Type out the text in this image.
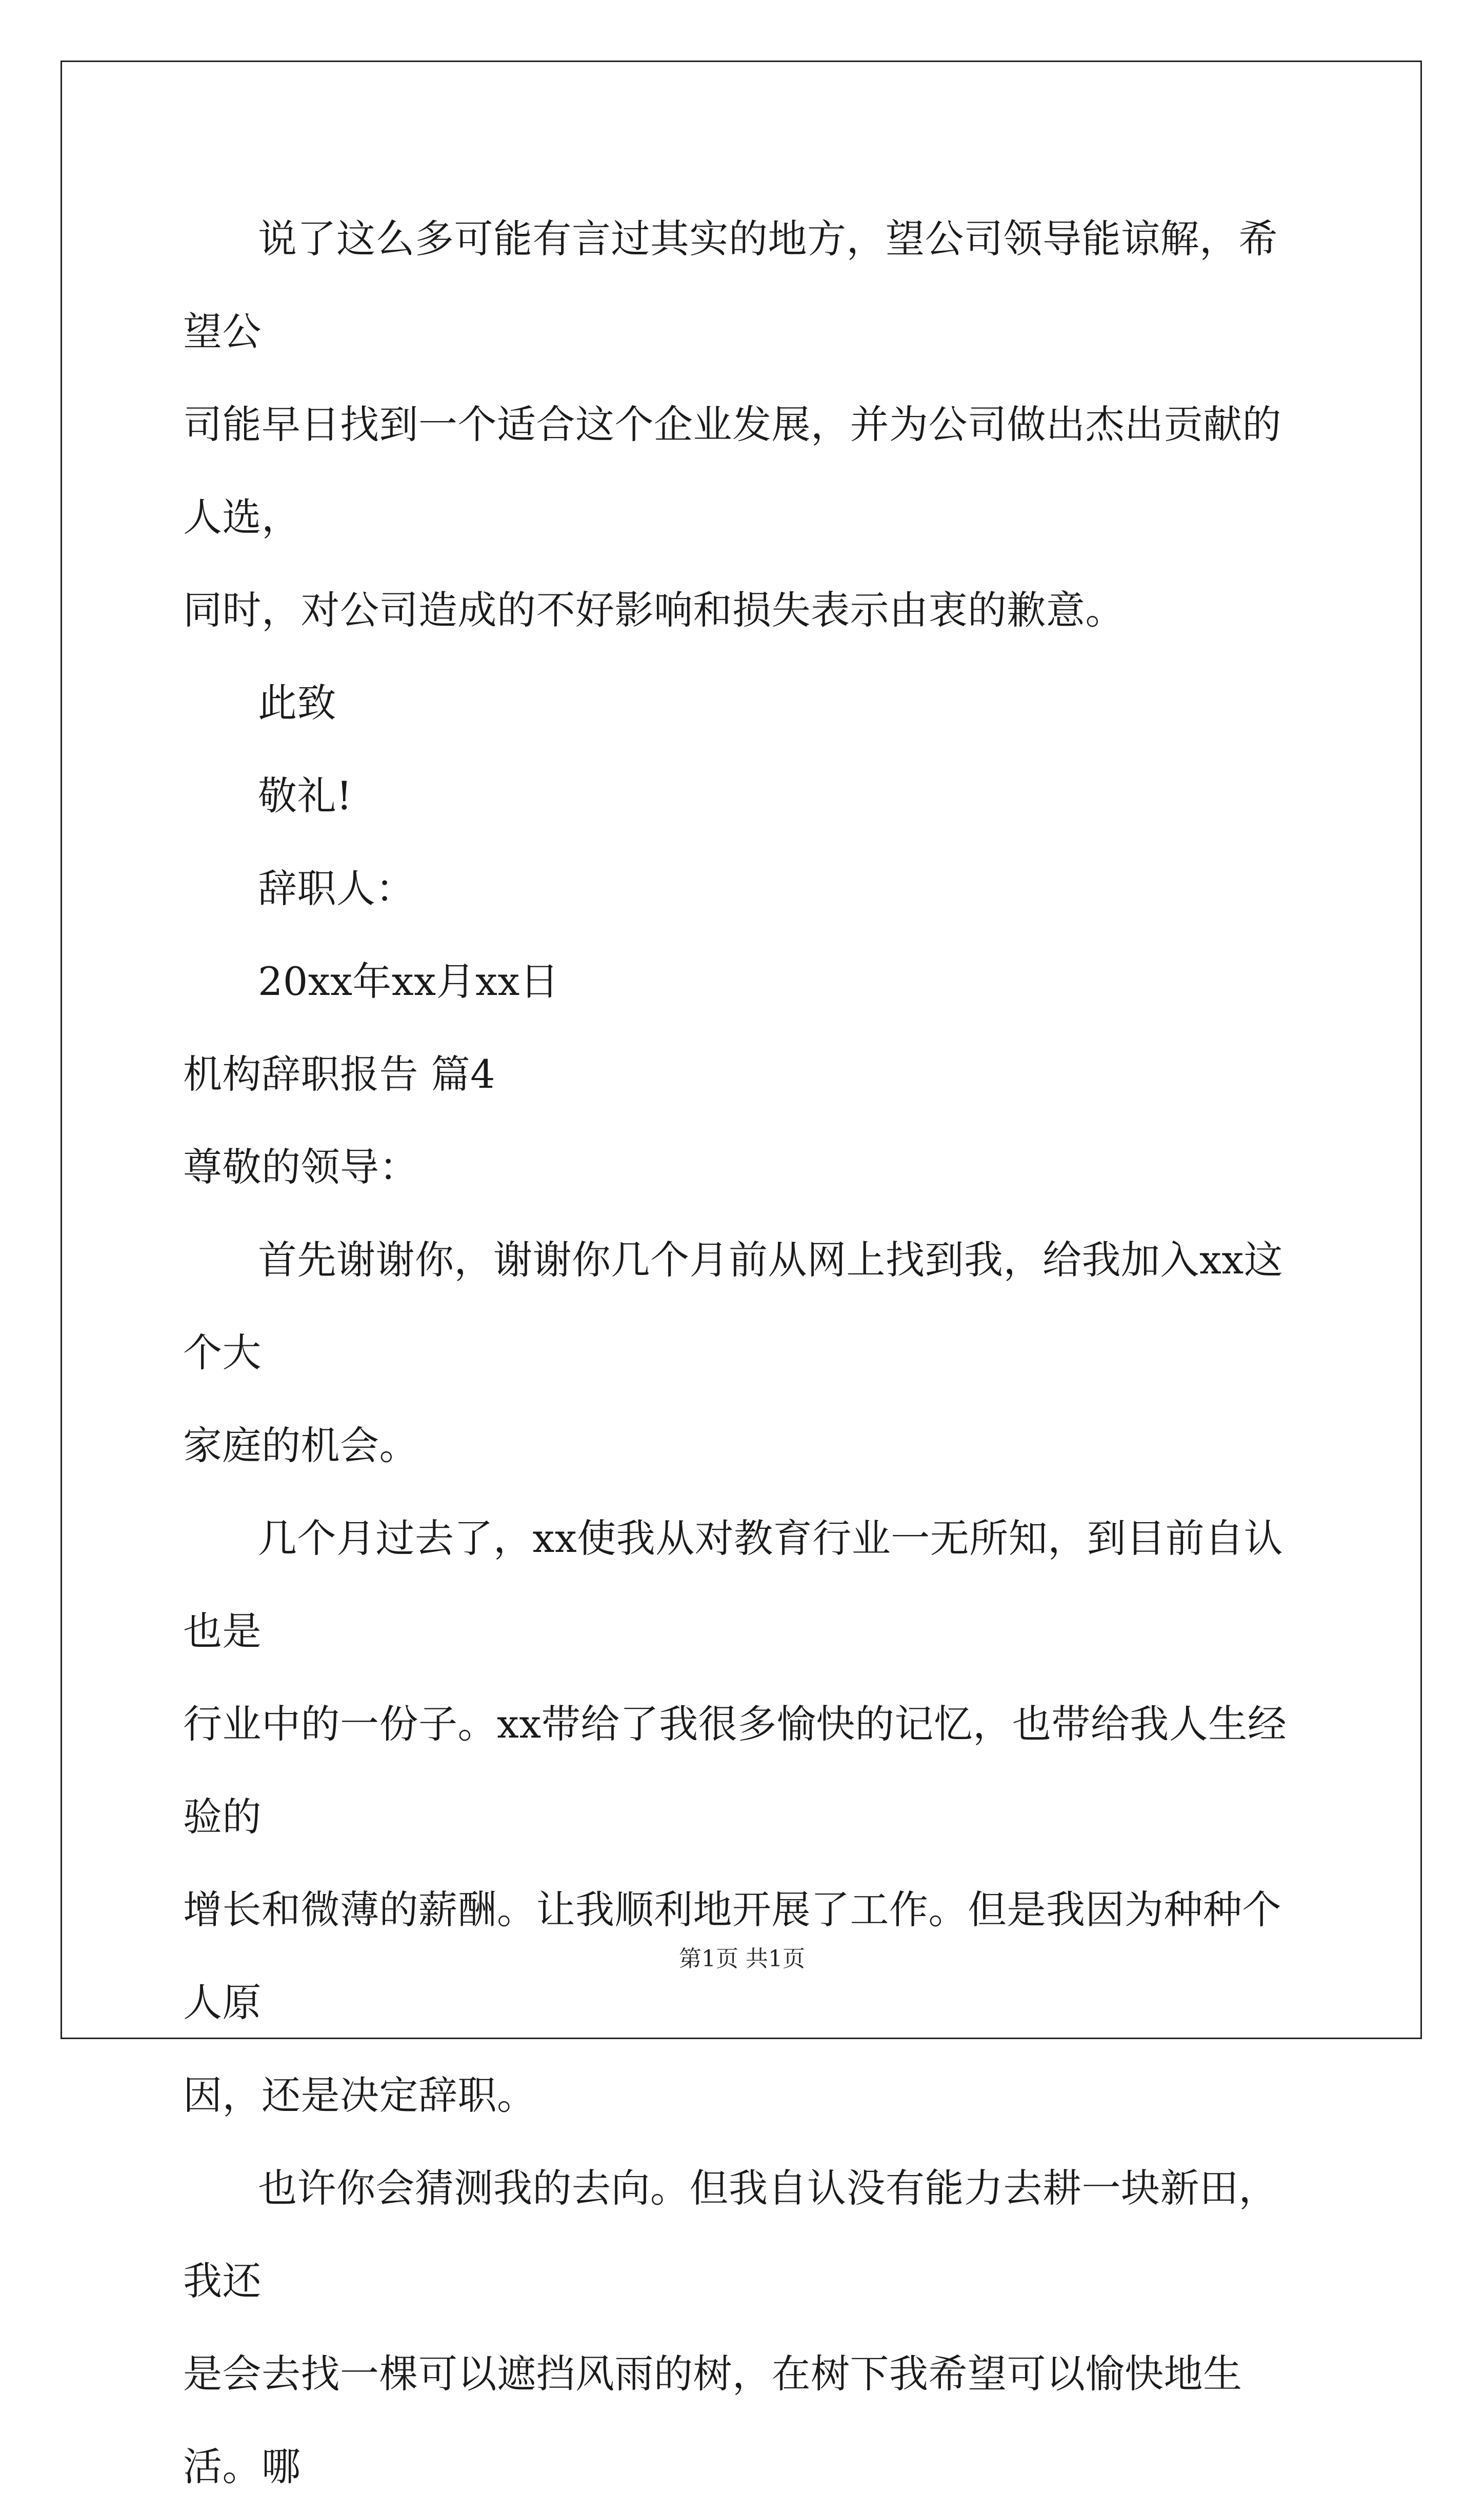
说了这么多可能有言过其实的地方，望公司领导能谅解，希望公
司能早日找到一个适合这个企业发展，并为公司做出杰出贡献的人选，
同时，对公司造成的不好影响和损失表示由衷的歉意。

此致

敬礼!

辞职人：

20xx年xx月xx日

机构辞职报告 篇4

尊敬的领导：

首先谢谢你，谢谢你几个月前从网上找到我，给我加入xx这个大
家庭的机会。

几个月过去了，xx使我从对教育行业一无所知，到目前自认也是
行业中的一份子。xx带给了我很多愉快的记忆，也带给我人生经验的
增长和微薄的薪酬。让我顺利地开展了工作。但是我因为种种个人原
因，还是决定辞职。

也许你会猜测我的去向。但我自认没有能力去耕一块新田，我还
是会去找一棵可以遮挡风雨的树，在树下我希望可以愉快地生活。哪

第1页 共1页
